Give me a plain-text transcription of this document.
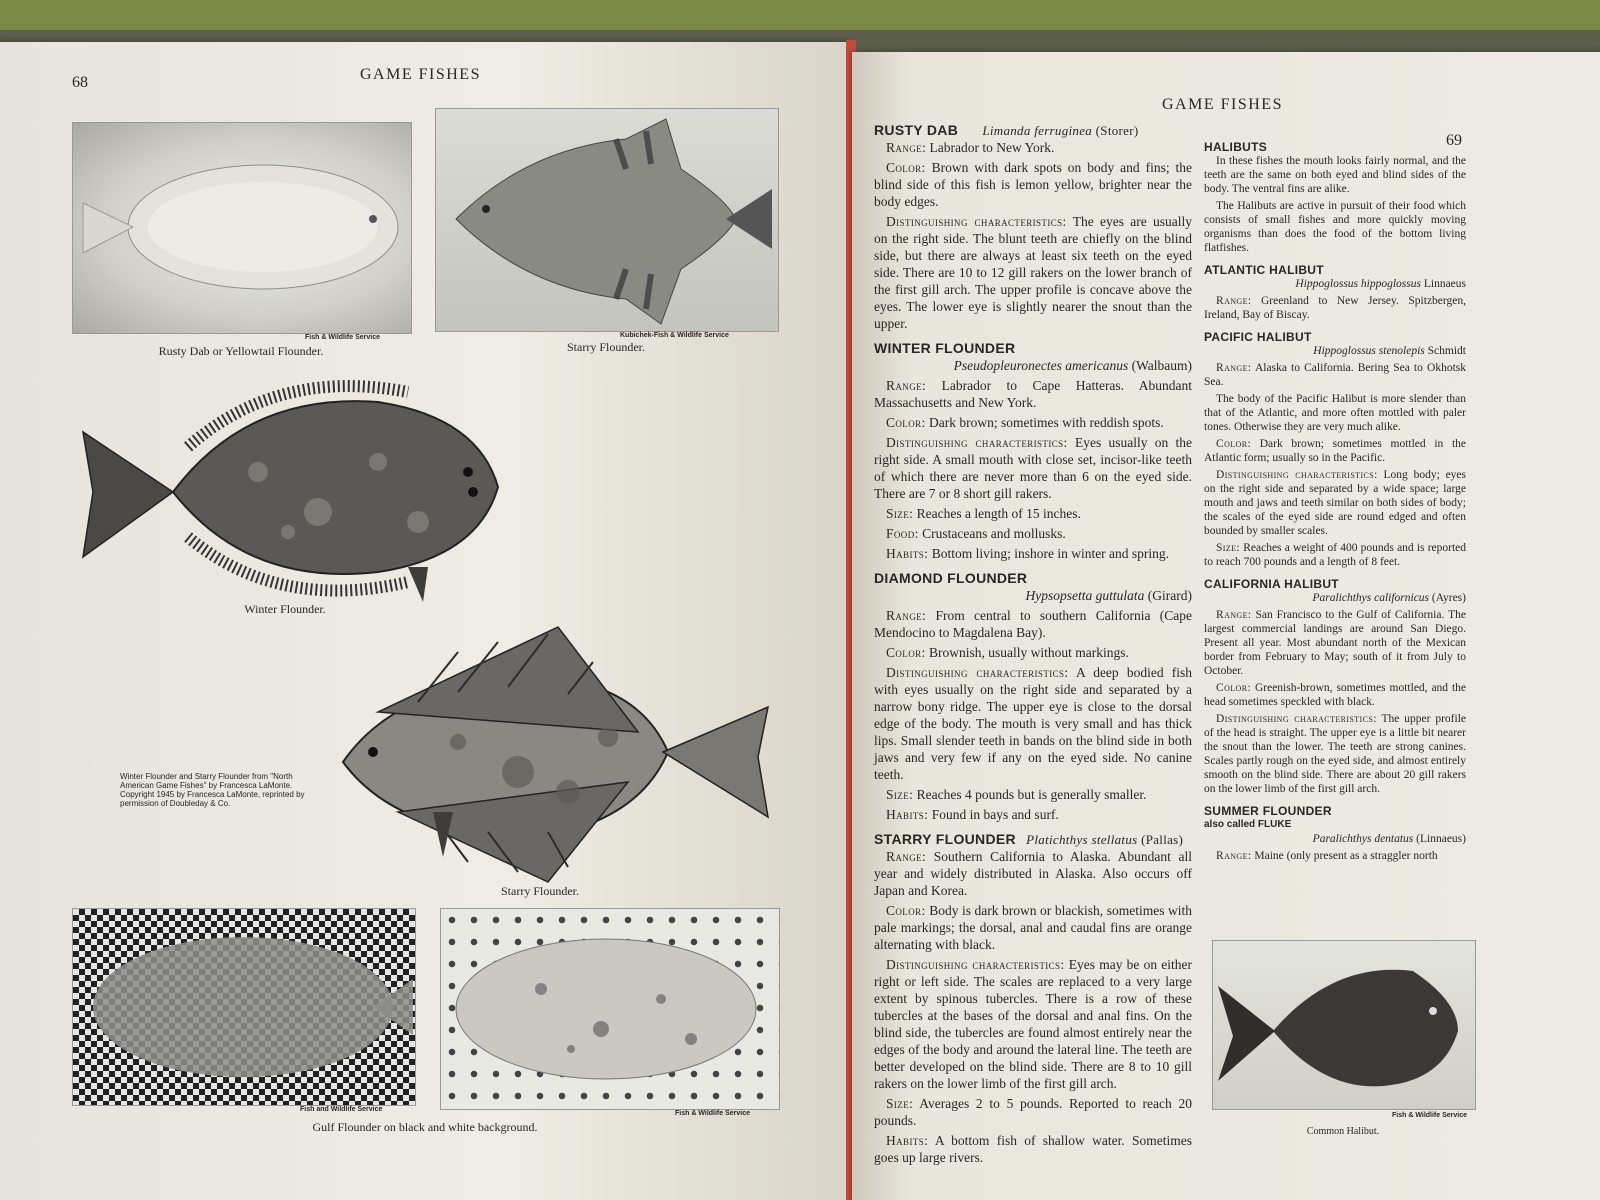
68	GAME FISHES
Fish & Wildlife Service
Rusty Dab or Yellowtail Flounder.
Kubichek-Fish & Wildlife Service
Starry Flounder.
Winter Flounder.
Starry Flounder.
Winter Flounder and Starry Flounder from "North American Game Fishes" by Francesca LaMonte. Copyright 1945 by Francesca LaMonte, reprinted by permission of Doubleday & Co.
Fish and Wildlife Service
Fish & Wildlife Service
Gulf Flounder on black and white background.
GAME FISHES
69
RUSTY DAB Limanda ferruginea (Storer)

Range: Labrador to New York.

Color: Brown with dark spots on body and fins; the blind side of this fish is lemon yellow, brighter near the body edges.

Distinguishing characteristics: The eyes are usually on the right side. The blunt teeth are chiefly on the blind side, but there are always at least six teeth on the eyed side. There are 10 to 12 gill rakers on the lower branch of the first gill arch. The upper profile is concave above the eyes. The lower eye is slightly nearer the snout than the upper.

WINTER FLOUNDER

Pseudopleuronectes americanus (Walbaum)

Range: Labrador to Cape Hatteras. Abundant Massachusetts and New York.

Color: Dark brown; sometimes with reddish spots.

Distinguishing characteristics: Eyes usually on the right side. A small mouth with close set, incisor-like teeth of which there are never more than 6 on the eyed side. There are 7 or 8 short gill rakers.

Size: Reaches a length of 15 inches.

Food: Crustaceans and mollusks.

Habits: Bottom living; inshore in winter and spring.

DIAMOND FLOUNDER

Hypsopsetta guttulata (Girard)

Range: From central to southern California (Cape Mendocino to Magdalena Bay).

Color: Brownish, usually without markings.

Distinguishing characteristics: A deep bodied fish with eyes usually on the right side and separated by a narrow bony ridge. The upper eye is close to the dorsal edge of the body. The mouth is very small and has thick lips. Small slender teeth in bands on the blind side in both jaws and very few if any on the eyed side. No canine teeth.

Size: Reaches 4 pounds but is generally smaller.

Habits: Found in bays and surf.

STARRY FLOUNDER Platichthys stellatus (Pallas)

Range: Southern California to Alaska. Abundant all year and widely distributed in Alaska. Also occurs off Japan and Korea.

Color: Body is dark brown or blackish, sometimes with pale markings; the dorsal, anal and caudal fins are orange alternating with black.

Distinguishing characteristics: Eyes may be on either right or left side. The scales are replaced to a very large extent by spinous tubercles. There is a row of these tubercles at the bases of the dorsal and anal fins. On the blind side, the tubercles are found almost entirely near the edges of the body and around the lateral line. The teeth are better developed on the blind side. There are 8 to 10 gill rakers on the lower limb of the first gill arch.

Size: Averages 2 to 5 pounds. Reported to reach 20 pounds.

Habits: A bottom fish of shallow water. Sometimes goes up large rivers.

HALIBUTS

In these fishes the mouth looks fairly normal, and the teeth are the same on both eyed and blind sides of the body. The ventral fins are alike.

The Halibuts are active in pursuit of their food which consists of small fishes and more quickly moving organisms than does the food of the bottom living flatfishes.

ATLANTIC HALIBUT

Hippoglossus hippoglossus Linnaeus

Range: Greenland to New Jersey. Spitzbergen, Ireland, Bay of Biscay.

PACIFIC HALIBUT

Hippoglossus stenolepis Schmidt

Range: Alaska to California. Bering Sea to Okhotsk Sea.

The body of the Pacific Halibut is more slender than that of the Atlantic, and more often mottled with paler tones. Otherwise they are very much alike.

Color: Dark brown; sometimes mottled in the Atlantic form; usually so in the Pacific.

Distinguishing characteristics: Long body; eyes on the right side and separated by a wide space; large mouth and jaws and teeth similar on both sides of body; the scales of the eyed side are round edged and often bounded by smaller scales.

Size: Reaches a weight of 400 pounds and is reported to reach 700 pounds and a length of 8 feet.

CALIFORNIA HALIBUT

Paralichthys californicus (Ayres)

Range: San Francisco to the Gulf of California. The largest commercial landings are around San Diego. Present all year. Most abundant north of the Mexican border from February to May; south of it from July to October.

Color: Greenish-brown, sometimes mottled, and the head sometimes speckled with black.

Distinguishing characteristics: The upper profile of the head is straight. The upper eye is a little bit nearer the snout than the lower. The teeth are strong canines. Scales partly rough on the eyed side, and almost entirely smooth on the blind side. There are about 20 gill rakers on the lower limb of the first gill arch.

SUMMER FLOUNDER
also called FLUKE

Paralichthys dentatus (Linnaeus)

Range: Maine (only present as a straggler north

Fish & Wildlife Service
Common Halibut.
